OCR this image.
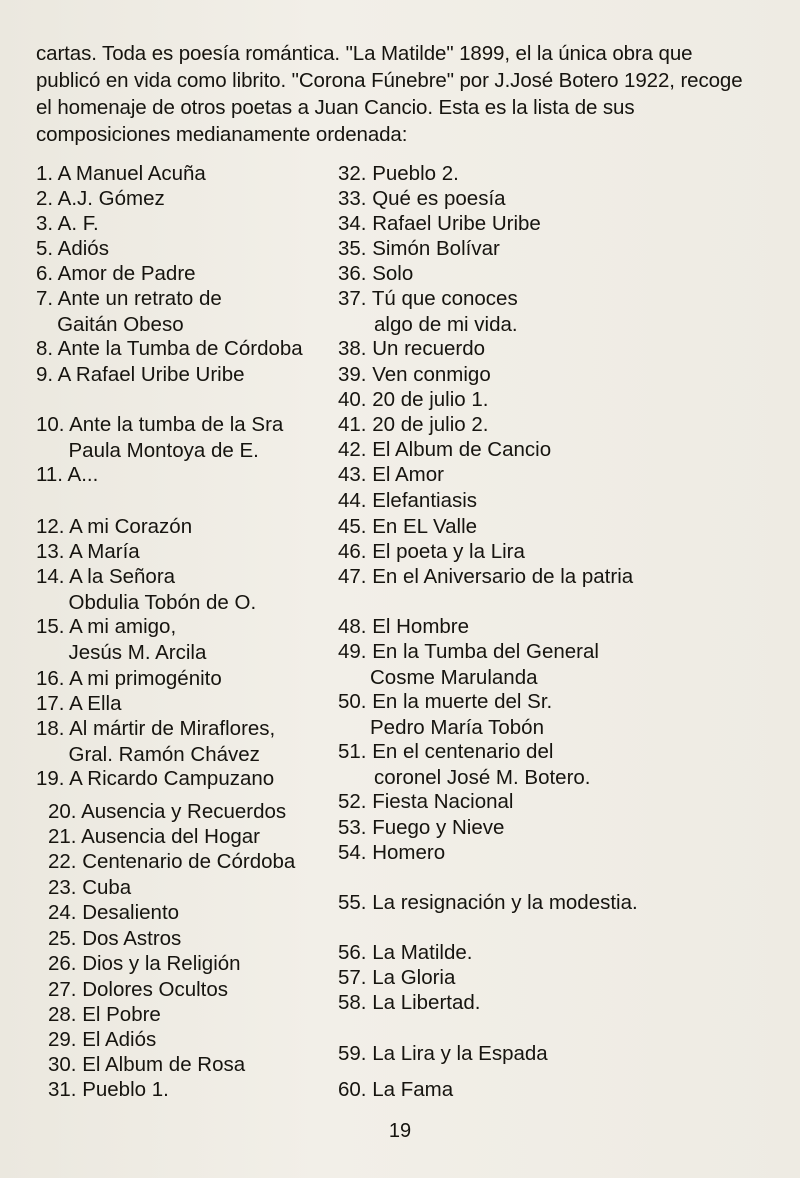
cartas. Toda es poesía romántica. "La Matilde" 1899, el la única obra que publicó en vida como librito. "Corona Fúnebre" por J.José Botero 1922, recoge el homenaje de otros poetas a Juan Cancio. Esta es la lista de sus composiciones medianamente ordenada:

1. A Manuel Acuña
2. A.J. Gómez
3. A. F.
5. Adiós
6. Amor de Padre
7. Ante un retrato de
Gaitán Obeso
8. Ante la Tumba de Córdoba
9. A Rafael Uribe Uribe
10. Ante la tumba de la Sra
Paula Montoya de E.
11. A...
12. A mi Corazón
13. A María
14. A la Señora
Obdulia Tobón de O.
15. A mi amigo,
Jesús M. Arcila
16. A mi primogénito
17. A Ella
18. Al mártir de Miraflores,
Gral. Ramón Chávez
19. A Ricardo Campuzano
20. Ausencia y Recuerdos
21. Ausencia del Hogar
22. Centenario de Córdoba
23. Cuba
24. Desaliento
25. Dos Astros
26. Dios y la Religión
27. Dolores Ocultos
28. El Pobre
29. El Adiós
30. El Album de Rosa
31. Pueblo 1.
32. Pueblo 2.
33. Qué es poesía
34. Rafael Uribe Uribe
35. Simón Bolívar
36. Solo
37. Tú que conoces
algo de mi vida.
38. Un recuerdo
39. Ven conmigo
40. 20 de julio 1.
41. 20 de julio 2.
42. El Album de Cancio
43. El Amor
44. Elefantiasis
45. En EL Valle
46. El poeta y la Lira
47. En el Aniversario de la patria
48. El Hombre
49. En la Tumba del General
Cosme Marulanda
50. En la muerte del Sr.
Pedro María Tobón
51. En el centenario del
coronel José M. Botero.
52. Fiesta Nacional
53. Fuego y Nieve
54. Homero
55. La resignación y la modestia.
56. La Matilde.
57. La Gloria
58. La Libertad.
59. La Lira y la Espada
60. La Fama
19
